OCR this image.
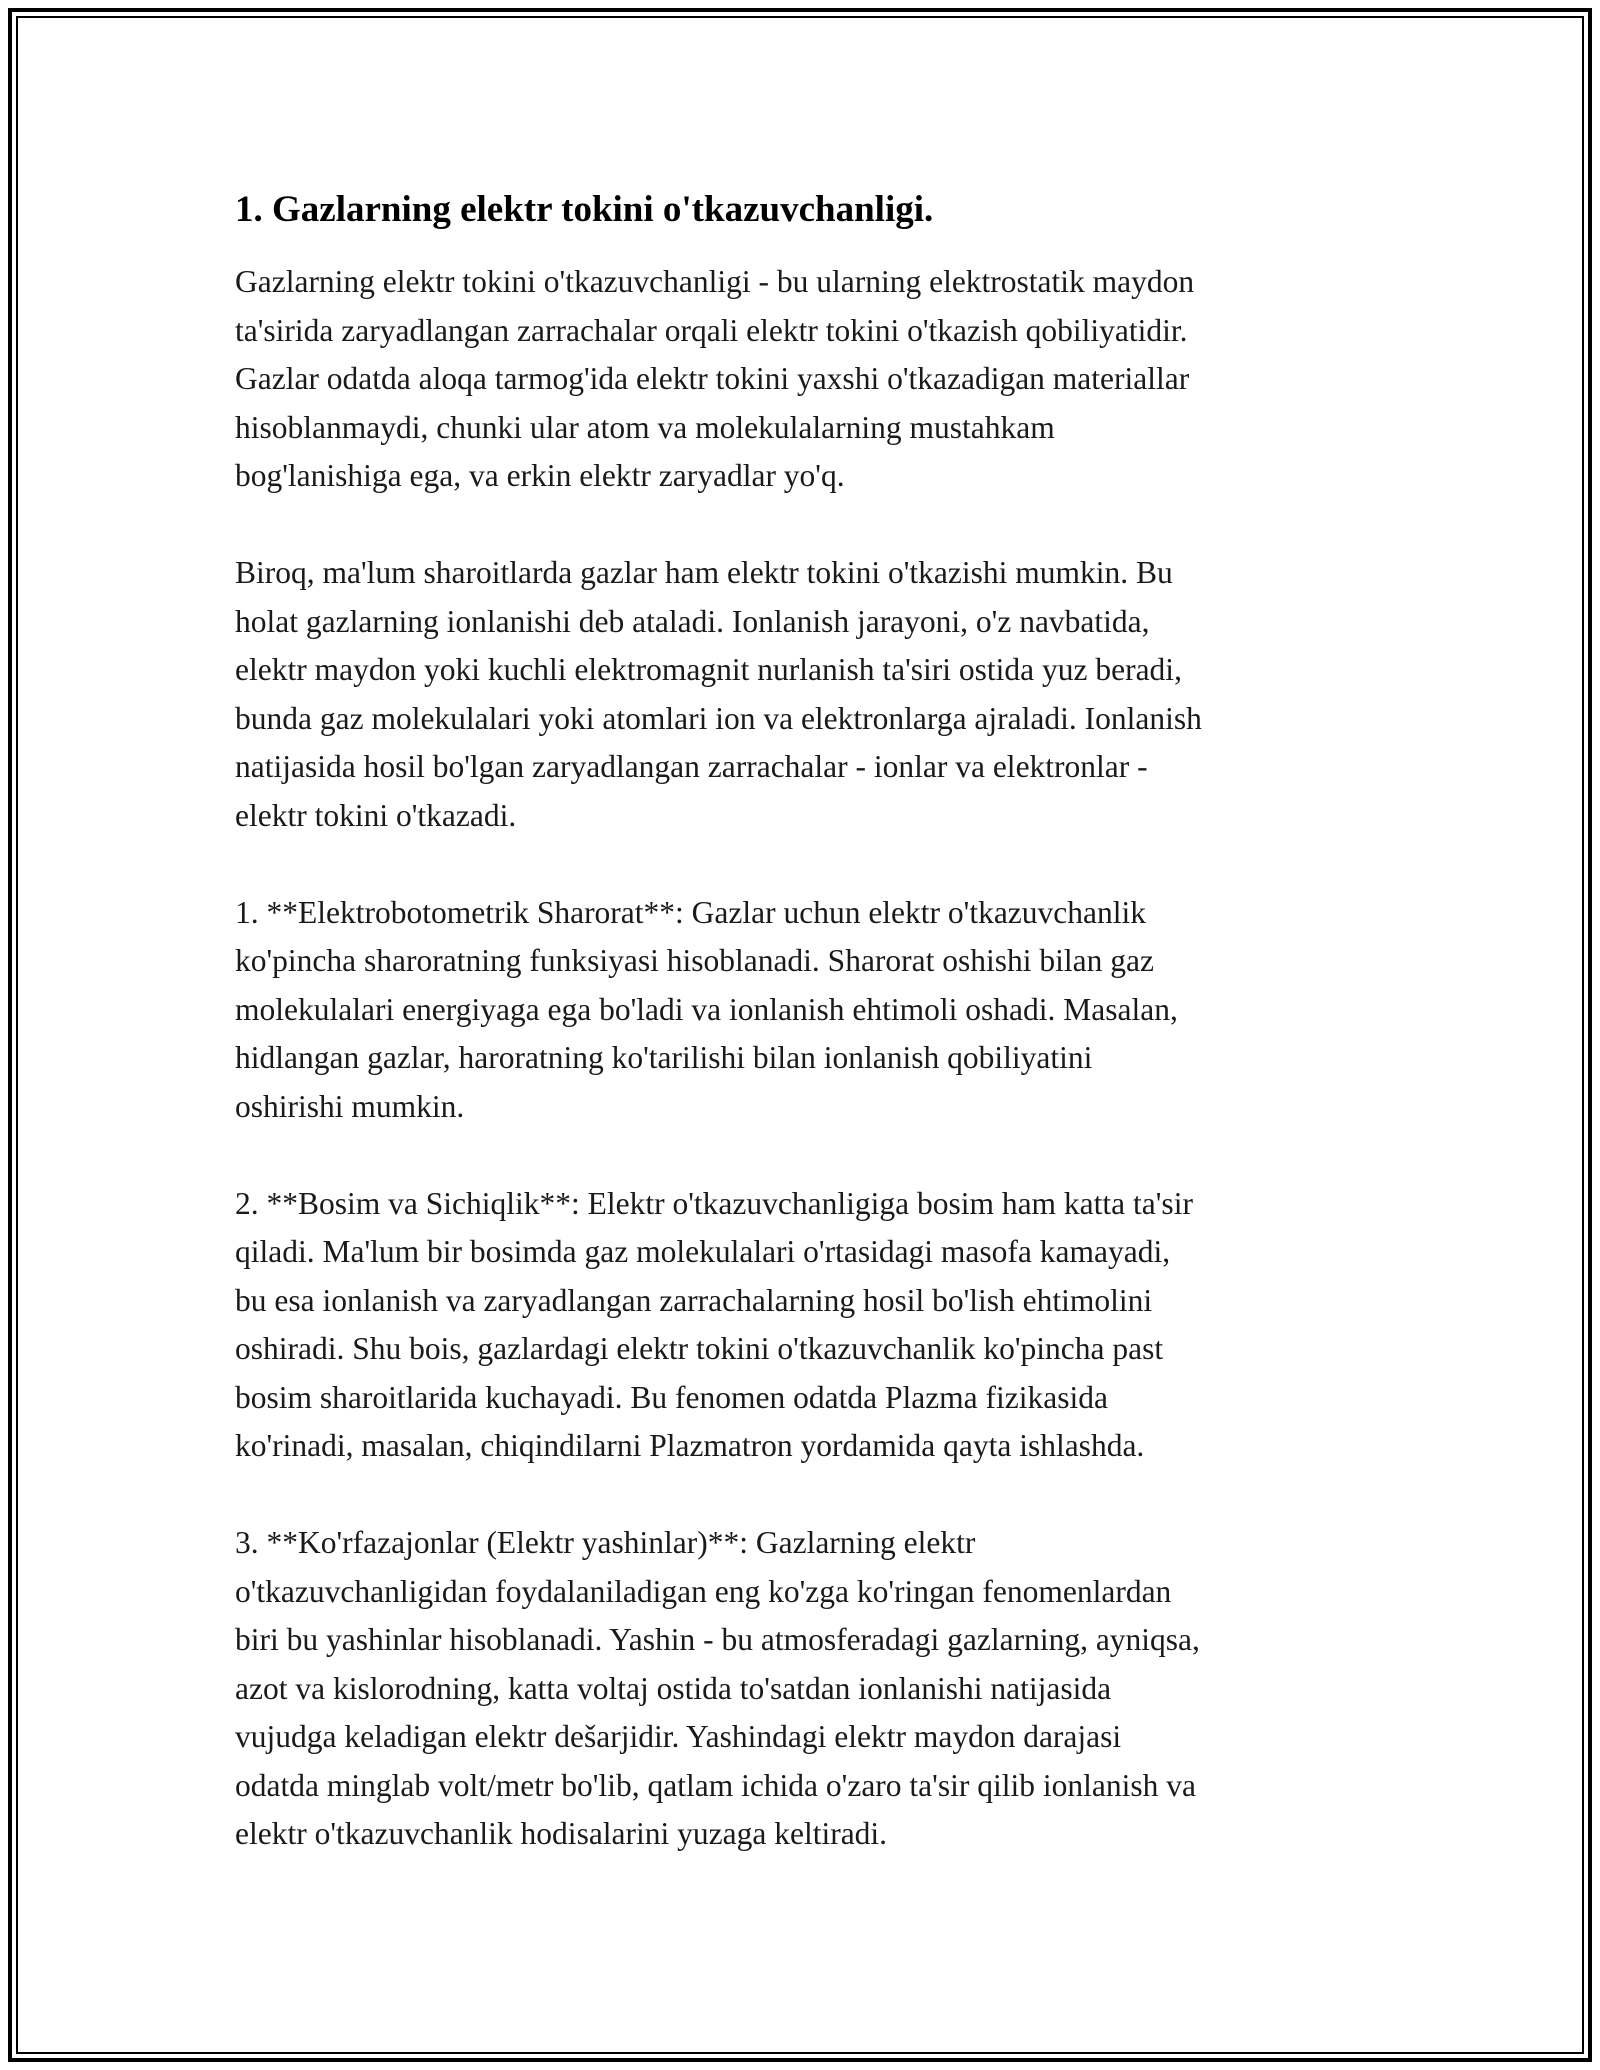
1. Gazlarning elektr tokini o'tkazuvchanligi.

Gazlarning elektr tokini o'tkazuvchanligi - bu ularning elektrostatik maydon
ta'sirida zaryadlangan zarrachalar orqali elektr tokini o'tkazish qobiliyatidir.
Gazlar odatda aloqa tarmog'ida elektr tokini yaxshi o'tkazadigan materiallar
hisoblanmaydi, chunki ular atom va molekulalarning mustahkam
bog'lanishiga ega, va erkin elektr zaryadlar yo'q.

Biroq, ma'lum sharoitlarda gazlar ham elektr tokini o'tkazishi mumkin. Bu
holat gazlarning ionlanishi deb ataladi. Ionlanish jarayoni, o'z navbatida,
elektr maydon yoki kuchli elektromagnit nurlanish ta'siri ostida yuz beradi,
bunda gaz molekulalari yoki atomlari ion va elektronlarga ajraladi. Ionlanish
natijasida hosil bo'lgan zaryadlangan zarrachalar - ionlar va elektronlar -
elektr tokini o'tkazadi.

1. **Elektrobotometrik Sharorat**: Gazlar uchun elektr o'tkazuvchanlik
ko'pincha sharoratning funksiyasi hisoblanadi. Sharorat oshishi bilan gaz
molekulalari energiyaga ega bo'ladi va ionlanish ehtimoli oshadi. Masalan,
hidlangan gazlar, haroratning ko'tarilishi bilan ionlanish qobiliyatini
oshirishi mumkin.

2. **Bosim va Sichiqlik**: Elektr o'tkazuvchanligiga bosim ham katta ta'sir
qiladi. Ma'lum bir bosimda gaz molekulalari o'rtasidagi masofa kamayadi,
bu esa ionlanish va zaryadlangan zarrachalarning hosil bo'lish ehtimolini
oshiradi. Shu bois, gazlardagi elektr tokini o'tkazuvchanlik ko'pincha past
bosim sharoitlarida kuchayadi. Bu fenomen odatda Plazma fizikasida
ko'rinadi, masalan, chiqindilarni Plazmatron yordamida qayta ishlashda.

3. **Ko'rfazajonlar (Elektr yashinlar)**: Gazlarning elektr
o'tkazuvchanligidan foydalaniladigan eng ko'zga ko'ringan fenomenlardan
biri bu yashinlar hisoblanadi. Yashin - bu atmosferadagi gazlarning, ayniqsa,
azot va kislorodning, katta voltaj ostida to'satdan ionlanishi natijasida
vujudga keladigan elektr dešarjidir. Yashindagi elektr maydon darajasi
odatda minglab volt/metr bo'lib, qatlam ichida o'zaro ta'sir qilib ionlanish va
elektr o'tkazuvchanlik hodisalarini yuzaga keltiradi.
